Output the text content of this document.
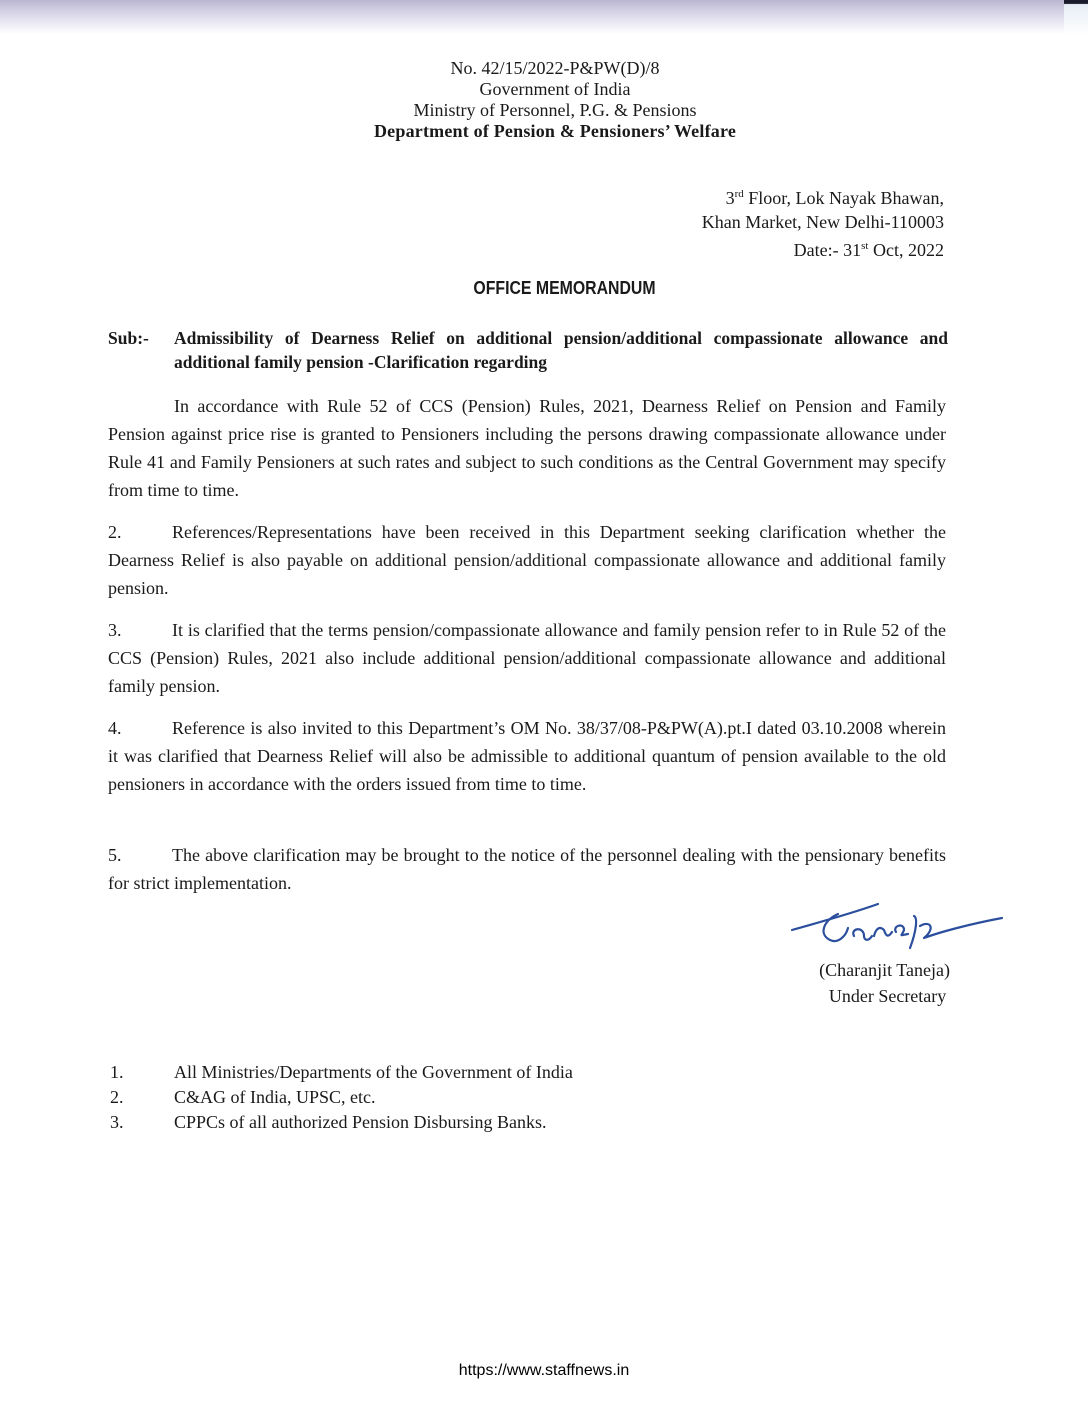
No. 42/15/2022-P&PW(D)/8
Government of India
Ministry of Personnel, P.G. & Pensions
Department of Pension & Pensioners’ Welfare
3rd Floor, Lok Nayak Bhawan,
Khan Market, New Delhi-110003
Date:- 31st Oct, 2022
OFFICE MEMORANDUM
Sub:- Admissibility of Dearness Relief on additional pension/additional compassionate allowance and additional family pension -Clarification regarding
In accordance with Rule 52 of CCS (Pension) Rules, 2021, Dearness Relief on Pension and Family Pension against price rise is granted to Pensioners including the persons drawing compassionate allowance under Rule 41 and Family Pensioners at such rates and subject to such conditions as the Central Government may specify from time to time.
2.	References/Representations have been received in this Department seeking clarification whether the Dearness Relief is also payable on additional pension/additional compassionate allowance and additional family pension.
3.	It is clarified that the terms pension/compassionate allowance and family pension refer to in Rule 52 of the CCS (Pension) Rules, 2021 also include additional pension/additional compassionate allowance and additional family pension.
4.	Reference is also invited to this Department’s OM No. 38/37/08-P&PW(A).pt.I dated 03.10.2008 wherein it was clarified that Dearness Relief will also be admissible to additional quantum of pension available to the old pensioners in accordance with the orders issued from time to time.
5.	The above clarification may be brought to the notice of the personnel dealing with the pensionary benefits for strict implementation.
(Charanjit Taneja)
Under Secretary
1.	All Ministries/Departments of the Government of India
2.	C&AG of India, UPSC, etc.
3.	CPPCs of all authorized Pension Disbursing Banks.
https://www.staffnews.in
